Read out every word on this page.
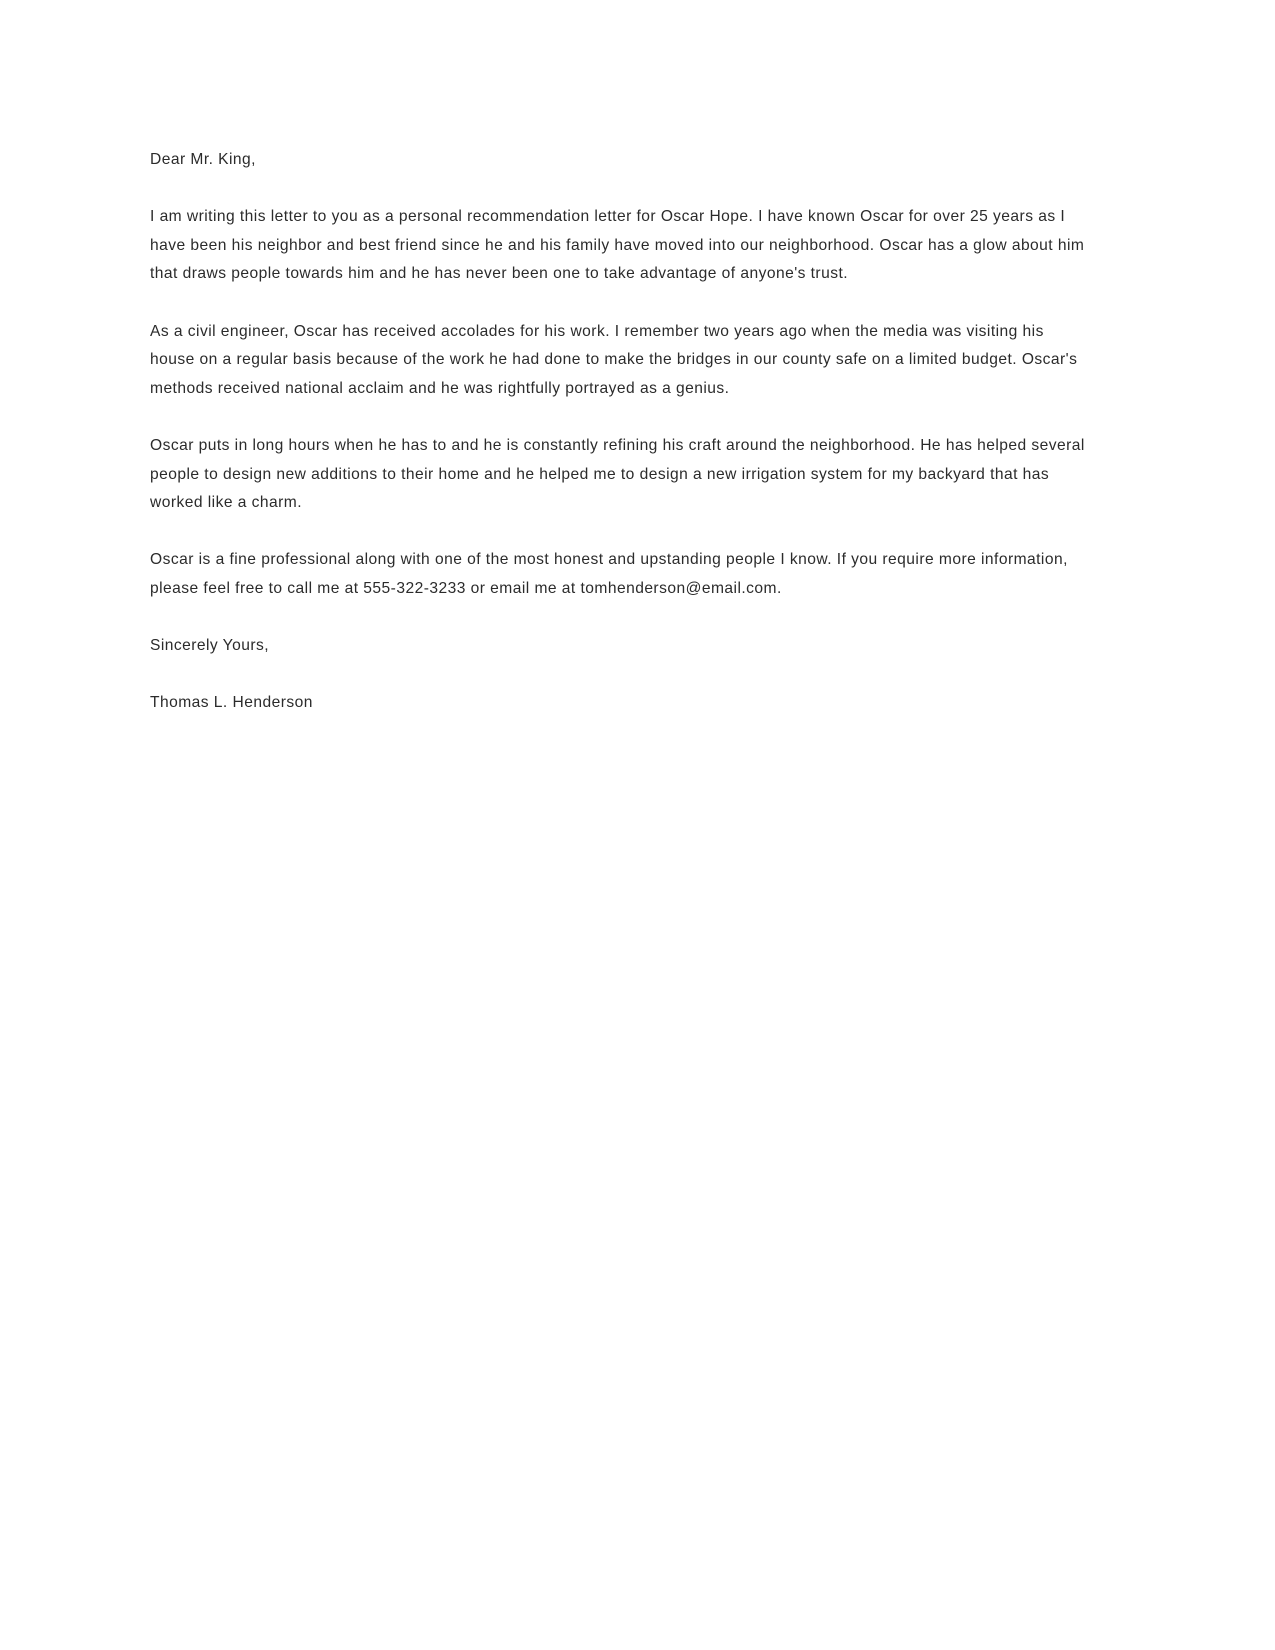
Dear Mr. King,

I am writing this letter to you as a personal recommendation letter for Oscar Hope. I have known Oscar for over 25 years as I have been his neighbor and best friend since he and his family have moved into our neighborhood. Oscar has a glow about him that draws people towards him and he has never been one to take advantage of anyone's trust.

As a civil engineer, Oscar has received accolades for his work. I remember two years ago when the media was visiting his house on a regular basis because of the work he had done to make the bridges in our county safe on a limited budget. Oscar's methods received national acclaim and he was rightfully portrayed as a genius.

Oscar puts in long hours when he has to and he is constantly refining his craft around the neighborhood. He has helped several people to design new additions to their home and he helped me to design a new irrigation system for my backyard that has worked like a charm.

Oscar is a fine professional along with one of the most honest and upstanding people I know. If you require more information, please feel free to call me at 555-322-3233 or email me at tomhenderson@email.com.

Sincerely Yours,

Thomas L. Henderson
